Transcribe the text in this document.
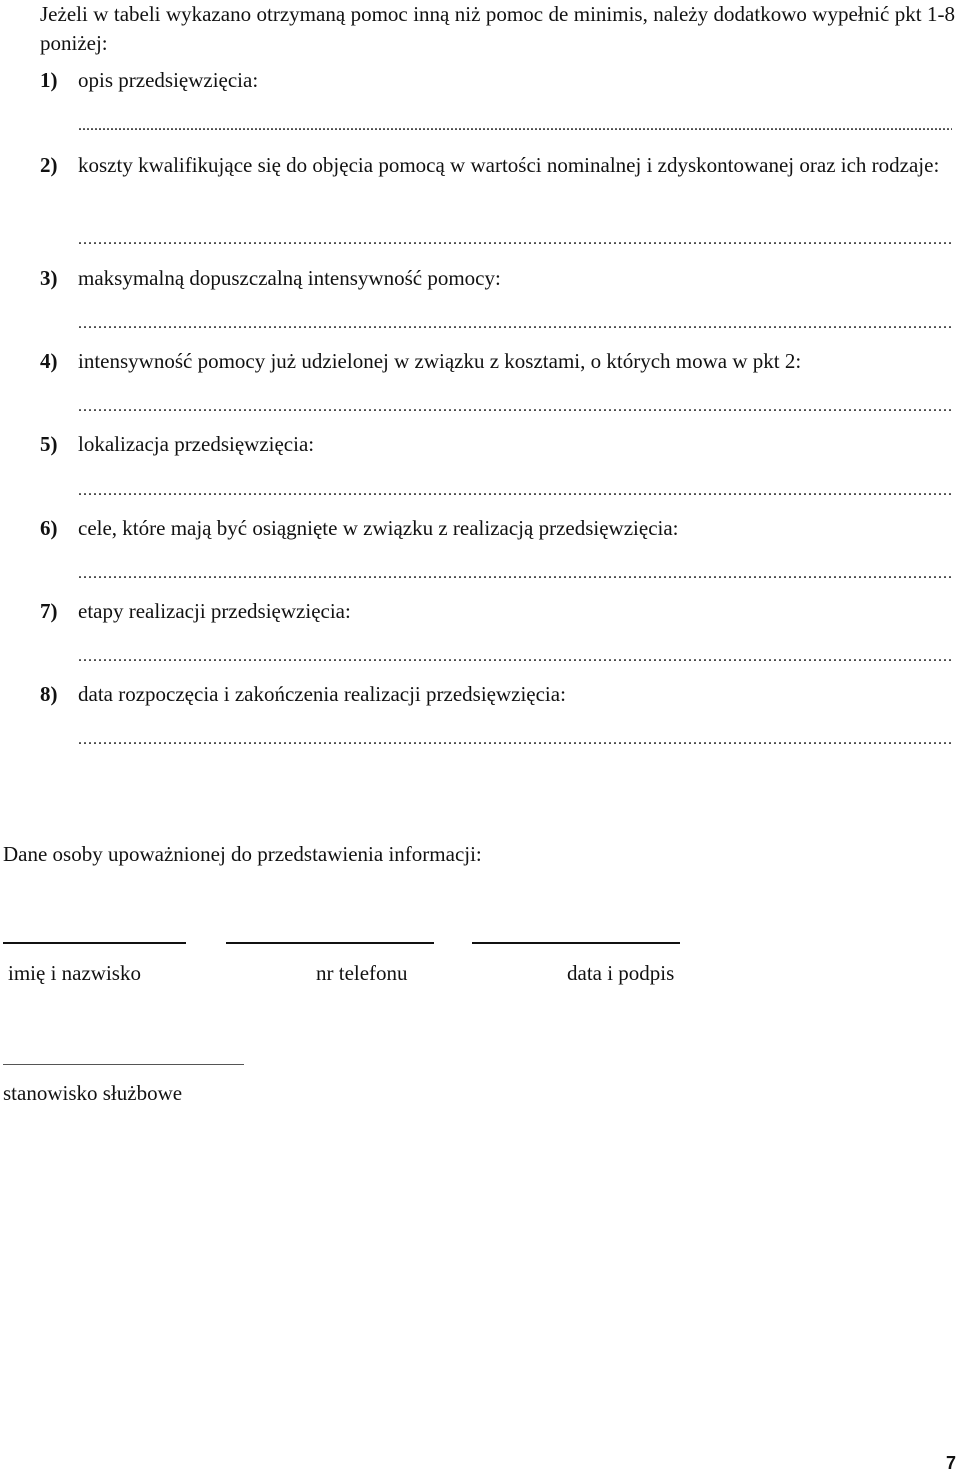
Jeżeli w tabeli wykazano otrzymaną pomoc inną niż pomoc de minimis, należy dodatkowo wypełnić pkt 1-8 poniżej:
1) opis przedsięwzięcia:
.....
2) koszty kwalifikujące się do objęcia pomocą w wartości nominalnej i zdyskontowanej oraz ich rodzaje:
.....
3) maksymalną dopuszczalną intensywność pomocy:
.....
4) intensywność pomocy już udzielonej w związku z kosztami, o których mowa w pkt 2:
.....
5) lokalizacja przedsięwzięcia:
.....
6) cele, które mają być osiągnięte w związku z realizacją przedsięwzięcia:
.....
7) etapy realizacji przedsięwzięcia:
.....
8) data rozpoczęcia i zakończenia realizacji przedsięwzięcia:
.....
Dane osoby upoważnionej do przedstawienia informacji:
imię i nazwisko	nr telefonu	data i podpis
stanowisko służbowe
7
